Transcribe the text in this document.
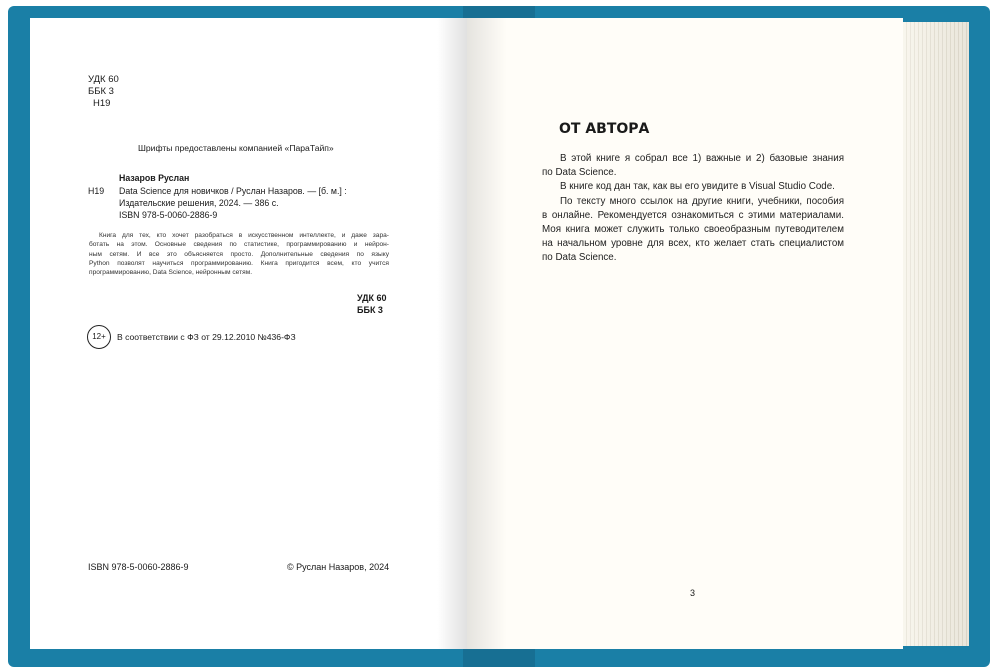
УДК 60
ББК 3
Н19
Шрифты предоставлены компанией «ПараТайп»
Назаров Руслан
Н19 Data Science для новичков / Руслан Назаров. — [б. м.] :
Издательские решения, 2024. — 386 с.
ISBN 978-5-0060-2886-9
Книга для тех, кто хочет разобраться в искусственном интеллекте, и даже зара-
ботать на этом. Основные сведения по статистике, программированию и нейрон-
ным сетям. И все это объясняется просто. Дополнительные сведения по языку
Python позволят научиться программированию. Книга пригодится всем, кто учится
программированию, Data Science, нейронным сетям.
УДК 60
ББК 3
12+	В соответствии с ФЗ от 29.12.2010 №436-ФЗ
ISBN 978-5-0060-2886-9	© Руслан Назаров, 2024
ОТ АВТОРА
В этой книге я собрал все 1) важные и 2) базовые знания
по Data Science.
В книге код дан так, как вы его увидите в Visual Studio Code.
По тексту много ссылок на другие книги, учебники, пособия
в онлайне. Рекомендуется ознакомиться с этими материалами.
Моя книга может служить только своеобразным путеводителем
на начальном уровне для всех, кто желает стать специалистом
по Data Science.
3
